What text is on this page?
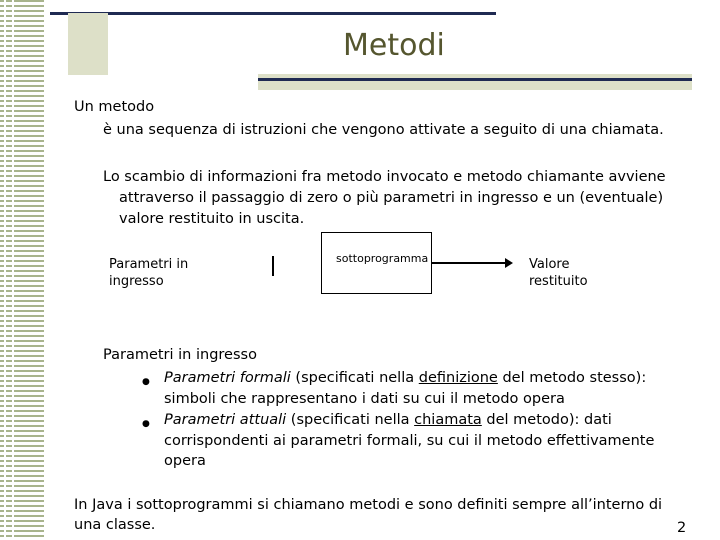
Metodi
Un metodo
è una sequenza di istruzioni che vengono attivate a seguito di una chiamata.
Lo scambio di informazioni fra metodo invocato e metodo chiamante avviene
attraverso il passaggio di zero o più parametri in ingresso e un (eventuale)
valore restituito in uscita.
Parametri in
ingresso
sottoprogramma	Valore
restituito
Parametri in ingresso
● Parametri formali (specificati nella definizione del metodo stesso):
simboli che rappresentano i dati su cui il metodo opera
● Parametri attuali (specificati nella chiamata del metodo): dati
corrispondenti ai parametri formali, su cui il metodo effettivamente
opera
In Java i sottoprogrammi si chiamano metodi e sono definiti sempre all’interno di
una classe.	2
